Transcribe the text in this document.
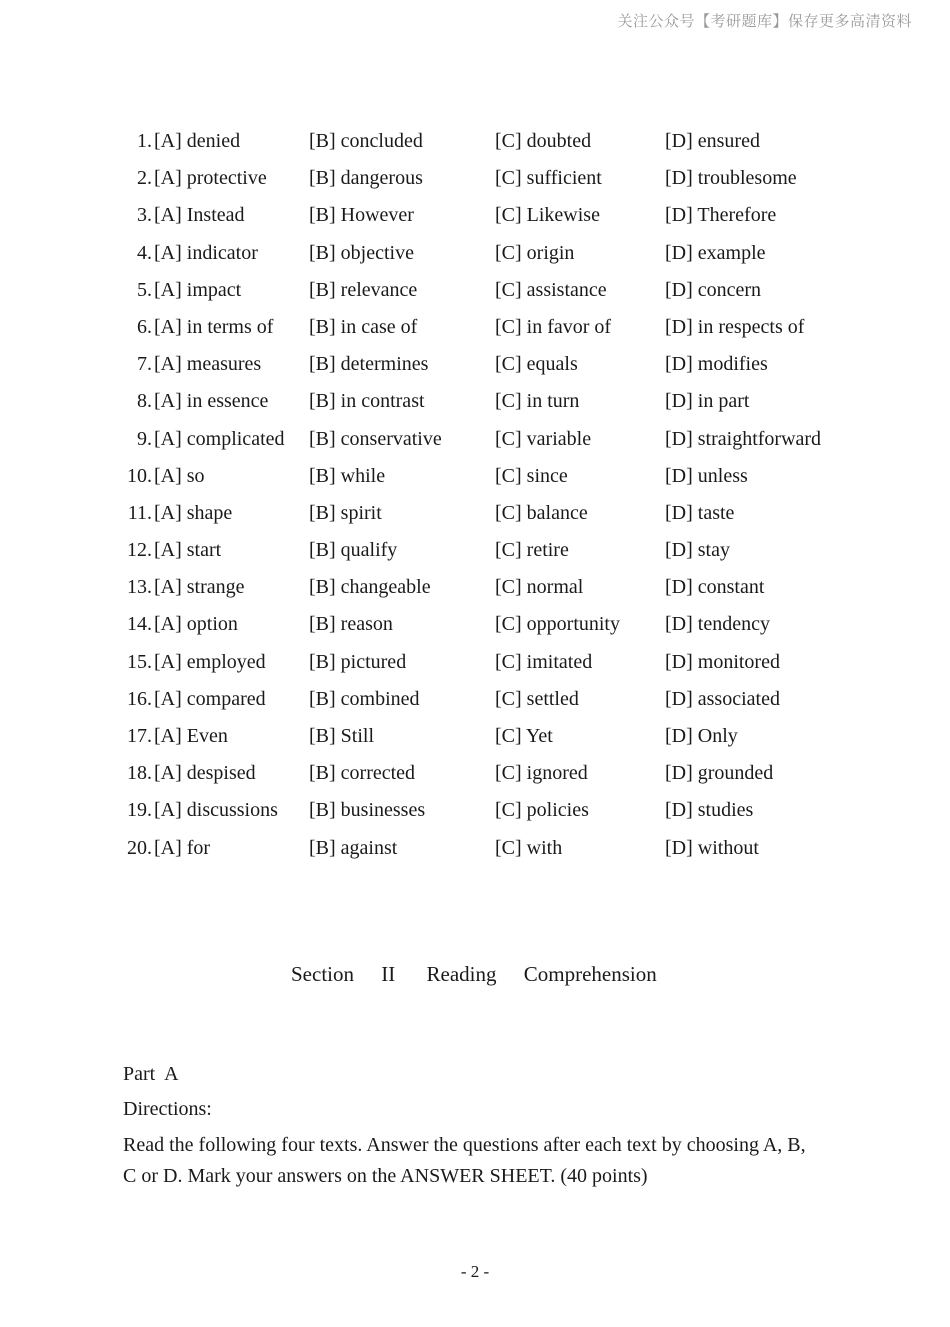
关注公众号【考研题库】保存更多高清资料
1. [A] denied	[B] concluded	[C] doubted	[D] ensured
2. [A] protective [B] dangerous	[C] sufficient	[D] troublesome
3. [A] Instead	[B] However	[C] Likewise	[D] Therefore
4. [A] indicator	[B] objective	[C] origin	[D] example
5. [A] impact	[B] relevance	[C] assistance	[D] concern
6. [A] in terms of [B] in case of	[C] in favor of	[D] in respects of
7. [A] measures [B] determines	[C] equals	[D] modifies
8. [A] in essence [B] in contrast	[C] in turn	[D] in part
9. [A] complicated [B] conservative	[C] variable	[D] straightforward
10. [A] so	[B] while	[C] since	[D] unless
11. [A] shape	[B] spirit	[C] balance	[D] taste
12. [A] start	[B] qualify	[C] retire	[D] stay
13. [A] strange	[B] changeable	[C] normal	[D] constant
14. [A] option	[B] reason	[C] opportunity [D] tendency
15. [A] employed [B] pictured	[C] imitated	[D] monitored
16. [A] compared [B] combined	[C] settled	[D] associated
17. [A] Even	[B] Still	[C] Yet	[D] Only
18. [A] despised	[B] corrected	[C] ignored	[D] grounded
19. [A] discussions [B] businesses	[C] policies	[D] studies
20. [A] for	[B] against	[C] with	[D] without
Section II Reading Comprehension
Part  A
Directions:
Read the following four texts. Answer the questions after each text by choosing A, B, C or D. Mark your answers on the ANSWER SHEET. (40 points)
- 2 -
